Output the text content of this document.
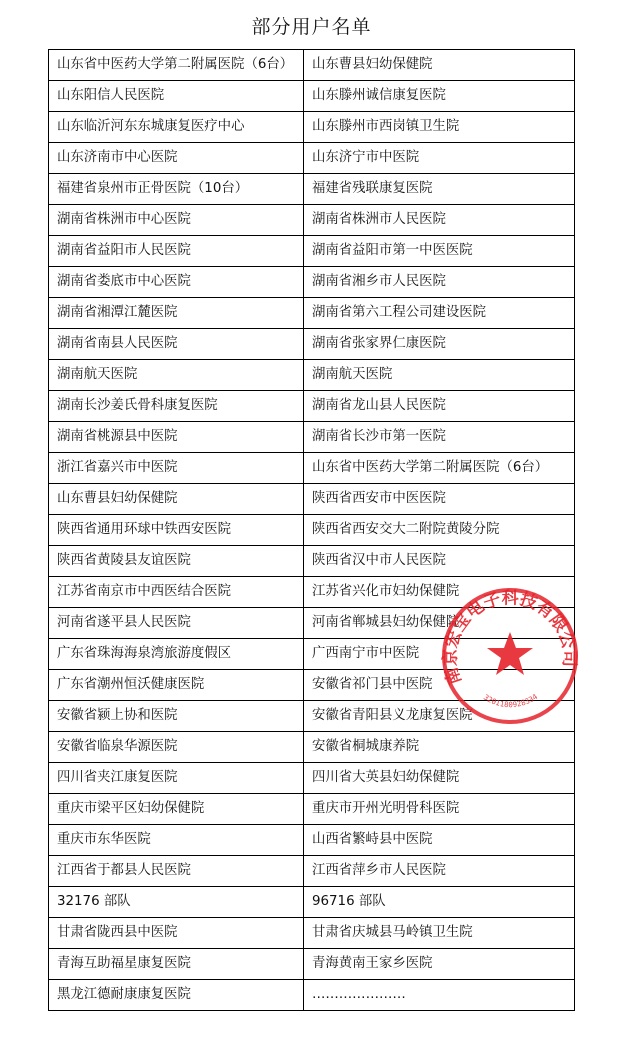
部分用户名单
山东省中医药大学第二附属医院（6台）	山东曹县妇幼保健院
山东阳信人民医院	山东滕州诚信康复医院
山东临沂河东东城康复医疗中心	山东滕州市西岗镇卫生院
山东济南市中心医院	山东济宁市中医院
福建省泉州市正骨医院（10台）	福建省残联康复医院
湖南省株洲市中心医院	湖南省株洲市人民医院
湖南省益阳市人民医院	湖南省益阳市第一中医医院
湖南省娄底市中心医院	湖南省湘乡市人民医院
湖南省湘潭江麓医院	湖南省第六工程公司建设医院
湖南省南县人民医院	湖南省张家界仁康医院
湖南航天医院	湖南航天医院
湖南长沙姜氏骨科康复医院	湖南省龙山县人民医院
湖南省桃源县中医院	湖南省长沙市第一医院
浙江省嘉兴市中医院	山东省中医药大学第二附属医院（6台）
山东曹县妇幼保健院	陕西省西安市中医医院
陕西省通用环球中铁西安医院	陕西省西安交大二附院黄陵分院
陕西省黄陵县友谊医院	陕西省汉中市人民医院
江苏省南京市中西医结合医院	江苏省兴化市妇幼保健院
河南省遂平县人民医院	河南省郸城县妇幼保健院
广东省珠海海泉湾旅游度假区	广西南宁市中医院
广东省潮州恒沃健康医院	安徽省祁门县中医院
安徽省颍上协和医院	安徽省青阳县义龙康复医院
安徽省临泉华源医院	安徽省桐城康养院
四川省夹江康复医院	四川省大英县妇幼保健院
重庆市梁平区妇幼保健院	重庆市开州光明骨科医院
重庆市东华医院	山西省繁峙县中医院
江西省于都县人民医院	江西省萍乡市人民医院
32176 部队	96716 部队
甘肃省陇西县中医院	甘肃省庆城县马岭镇卫生院
青海互助福星康复医院	青海黄南王家乡医院
黑龙江德耐康康复医院	…………………
南京宏宝电子科技有限公司
3201180928334
